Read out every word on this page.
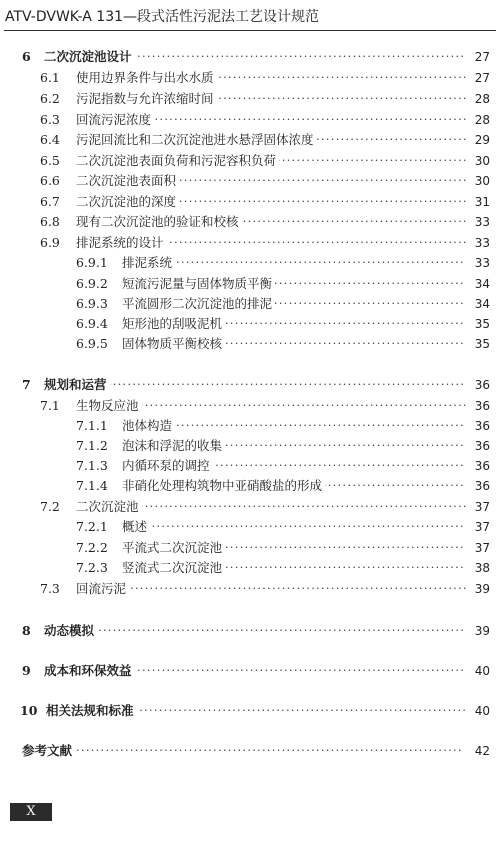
ATV-DVWK-A 131—段式活性污泥法工艺设计规范
6 二次沉淀池设计 ·····	27
6.1 使用边界条件与出水水质 ·····	27
6.2 污泥指数与允许浓缩时间 ·····	28
6.3 回流污泥浓度 ·····	28
6.4 污泥回流比和二次沉淀池进水悬浮固体浓度 ·····	29
6.5 二次沉淀池表面负荷和污泥容积负荷 ·····	30
6.6 二次沉淀池表面积 ·····	30
6.7 二次沉淀池的深度 ·····	31
6.8 现有二次沉淀池的验证和校核 ·····	33
6.9 排泥系统的设计 ·····	33
6.9.1 排泥系统 ·····	33
6.9.2 短流污泥量与固体物质平衡 ·····	34
6.9.3 平流圆形二次沉淀池的排泥 ·····	34
6.9.4 矩形池的刮吸泥机 ·····	35
6.9.5 固体物质平衡校核 ·····	35
7 规划和运营 ·····	36
7.1 生物反应池 ·····	36
7.1.1 池体构造 ·····	36
7.1.2 泡沫和浮泥的收集 ·····	36
7.1.3 内循环泵的调控 ·····	36
7.1.4 非硝化处理构筑物中亚硝酸盐的形成 ·····	36
7.2 二次沉淀池 ·····	37
7.2.1 概述 ·····	37
7.2.2 平流式二次沉淀池 ·····	37
7.2.3 竖流式二次沉淀池 ·····	38
7.3 回流污泥 ·····	39
8 动态模拟 ·····	39
9 成本和环保效益 ·····	40
10 相关法规和标准 ·····	40
参考文献 ·····	42
X
